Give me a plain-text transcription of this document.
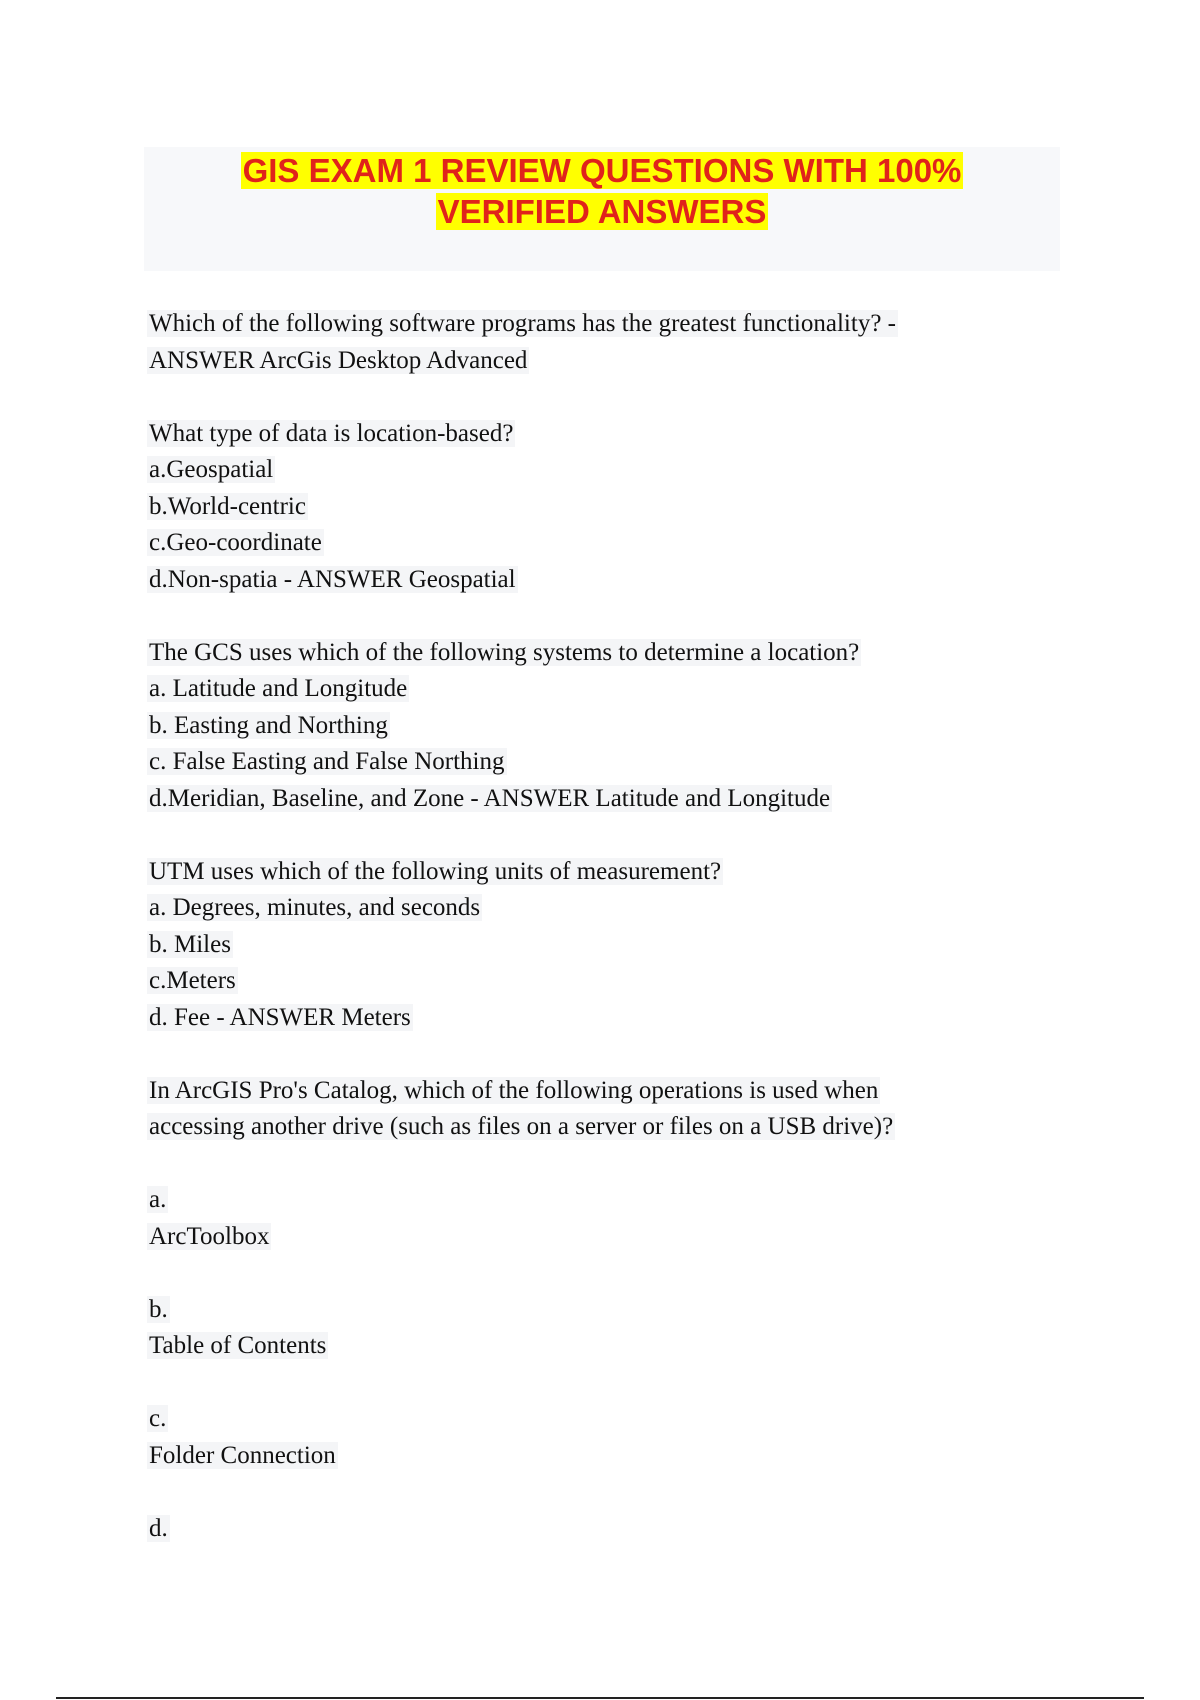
GIS EXAM 1 REVIEW QUESTIONS WITH 100%
VERIFIED ANSWERS
Which of the following software programs has the greatest functionality? -
ANSWER ArcGis Desktop Advanced
What type of data is location-based?
a.Geospatial
b.World-centric
c.Geo-coordinate
d.Non-spatia - ANSWER Geospatial
The GCS uses which of the following systems to determine a location?
a. Latitude and Longitude
b. Easting and Northing
c. False Easting and False Northing
d.Meridian, Baseline, and Zone - ANSWER Latitude and Longitude
UTM uses which of the following units of measurement?
a. Degrees, minutes, and seconds
b. Miles
c.Meters
d. Fee - ANSWER Meters
In ArcGIS Pro's Catalog, which of the following operations is used when
accessing another drive (such as files on a server or files on a USB drive)?
a.
ArcToolbox
b.
Table of Contents
c.
Folder Connection
d.
